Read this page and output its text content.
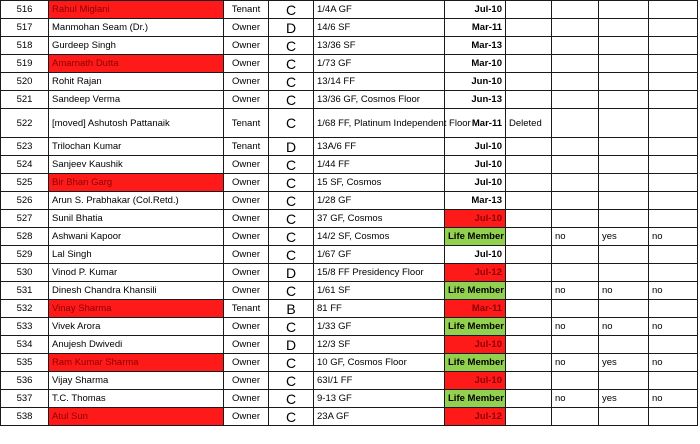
516	Rahul Miglani	Tenant	C	1/4A GF	Jul-10				
517	Manmohan Seam (Dr.)	Owner	D	14/6 SF	Mar-11				
518	Gurdeep Singh	Owner	C	13/36 SF	Mar-13				
519	Amarnath Dutta	Owner	C	1/73 GF	Mar-10				
520	Rohit Rajan	Owner	C	13/14 FF	Jun-10				
521	Sandeep Verma	Owner	C	13/36 GF, Cosmos Floor	Jun-13				
522	[moved] Ashutosh Pattanaik	Tenant	C	1/68 FF, Platinum Independent Floor	Mar-11	Deleted			
523	Trilochan Kumar	Tenant	D	13A/6 FF	Jul-10				
524	Sanjeev Kaushik	Owner	C	1/44 FF	Jul-10				
525	Bir Bhan Garg	Owner	C	15 SF, Cosmos	Jul-10				
526	Arun S. Prabhakar (Col.Retd.)	Owner	C	1/28 GF	Mar-13				
527	Sunil Bhatia	Owner	C	37 GF, Cosmos	Jul-10				
528	Ashwani Kapoor	Owner	C	14/2 SF, Cosmos	Life Member		no	yes	no
529	Lal Singh	Owner	C	1/67 GF	Jul-10				
530	Vinod P. Kumar	Owner	D	15/8 FF Presidency Floor	Jul-12				
531	Dinesh Chandra Khansili	Owner	C	1/61 SF	Life Member		no	no	no
532	Vinay Sharma	Tenant	B	81 FF	Mar-11				
533	Vivek Arora	Owner	C	1/33 GF	Life Member		no	no	no
534	Anujesh Dwivedi	Owner	D	12/3 SF	Jul-10				
535	Ram Kumar Sharma	Owner	C	10 GF, Cosmos Floor	Life Member		no	yes	no
536	Vijay Sharma	Owner	C	63I/1 FF	Jul-10				
537	T.C. Thomas	Owner	C	9-13 GF	Life Member		no	yes	no
538	Atul Sun	Owner	C	23A GF	Jul-12				
